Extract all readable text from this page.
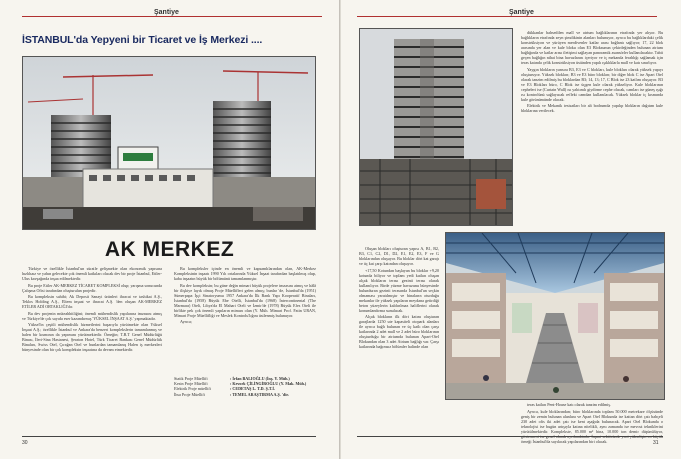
Şantiye
İSTANBUL'da Yepyeni bir Ticaret ve İş Merkezi ....
AK MERKEZ

Türkiye ve özellikle İstanbul'un süratle gelişmekte olan ekonomik yapısına hızlıhaız ve yahın gelecekte çok önemli katkıları olacak dev bir proje İstanbul, Etiler-Ulus kavşağında inşaa edilmektedir.

Bu proje Etiler AK-MERKEZ TİCARET KOMPLEKSİ olup; yarışma sonucunda Çalışma Ofisi tarafından oluşturulan projedir.

Bu kompleksin sahibi; Ak Deposit Sanayi ürünleri ihracat ve tashikat A.Ş., Teklos Holding A.Ş., Eltem inşaat ve ihracat A.Ş. 'den oluşan AK-MERKEZ ETİLER ADİ ORTAKLIĞI'dır.

Bu dev projenin müteahhitliğini; önemli mühendislik yapılarına imzasını atmış ve Türkiye'de çok sayıda eser kazandırmış 'YÜKSEL İNŞAAT A.Ş.' yapmaktadır.

Yüksel'in çeşitli mühendislik hizmetlerini başarıyla yürütmekte olan Yüksel İnşaat A.Ş.; özellikle İstanbul ve Ankara'da benzeri komplekslerin tamamlanmış ve halen bir kısmının da yapımını yürütmektedir. Örneğin; T.B.T Genel Müdürlüğü Binası, İleri-Sina Hastanesi, Şeraton Hotel, Türk Ticaret Bankası Genel Müdürlük Binaları, Swiss Otel, Çırağan Otel ve bunlardan tamamlanış Halen iş merkezleri bünyesinde olan bir çok kompleksin inşaatına da devam etmektedir.

Bu kompleksler içinde en önemli ve kapsamlılarından olan, AK-Merkez Kompleksinin inşaatı 1990 Yılı ortalarında Yüksel İnşaat tarafından başlatılmış olup, kaba inşaatın büyük bir bölümünü tamamlanmıştır.

Bu dev kompleksin; bu güne değin mimari büyük projelere imzasını atmış ve hâlâ bir ilişkiye layık olmuş Proje Müellifleri gelen almış; bunlar 'de, İstanbul'da (1951) Sümerpapa İşçi Sinatoryumu 1957 Ankara'da İlk Bank Yapı Kooperatif Binaları, İstanbul'da (1958) Büyük Ebe Otelli, İstanbul'da (1968) İntercontinental (The Marmara) Oteli, Libya'da El Mahari Oteli ve İzmir'de (1978) Büyük Efes Oteli ile birlikte pek çok önemli yapıların mimarı olan (Y. Müh. Mimari Prof. Fatin URAN, Mimari Proje Müellifliği ve Meslek Kontrolu'lığını üstlenmiş bulunuyor.

Ayrıca;

Statik Proje Müellifi	: İrfan BALIOĞLU (İnş. Y. Müh.)
Kesin Proje Müellifi	: Kevork ÇİLİNGİROĞLU (Y. Mak. Müh.)
Elektrik Proje müellifi	: CEDETAŞ L. T.D. Ş.T.İ.
İhsa Proje Müellifi	: TEMEL ARAŞTIRMA A.Ş. 'dir.
30
Şantiye

dükkanlar bahsedilen mall ve atrium bağlıklarının etrafında yer alıyor. Bu bağlıkların etrafında zeyn şimdikinin alanları bulunuyor, ayrıca bu bağlıklardaki çelik konstrüksiyon ve yürüyen merdivenler katlar arası bağlantı sağlıyor; 17, 22 blok arasında yer alan ve kule bloku olan E3 Bloksunun çekirdeğinden bulunan atrium bağlığında ve katlar arası iletişimi sağlayan panoramik asansörler kullanılacaktır. Tabii geçen bağlığın nihai bina havuzlarını içeriyor ve iç mekanda ferahlığı sağlamak için teras katında çelik konstrüksiyon üstünden yapılı ışıklıklarla mall ve katı sınırlıyor.

Yaygın blokların yansıra B3, E3 ve C blokları, kule blokları olarak yüksek yapıyı oluşturuyor. Yüksek blokları; B3 ve E3 büro blokları; bir diğer blok C ise Apart Otel olarak tanzim edilmiş bu bloklardan B3; 14, 13; 17, C Blok ise 23 katlım oluşuyor. B3 ve E3 Blokları büro, C Blok ise üçgen kule olarak yükseliyor. Kule bloklarının cepheleri ise (Curtain Wall) ısı yalıtımlı giydirme cephe olacak, camları ise güneş ışığı ısı kontrolünü sağlayacak reflekt camdan kullanılacak. Yüksek bloklar iç kısmında kule görünümünde olacak.

Elektrik ve Mekanik tesisatları bir alt bodrumda yapılıp blokların dağıtım kule bloklarına verilecek.

Oluşan blokları oluşturan yapısı A, B1, B2, B3, C1, C2, D1, D2, E1, E2, E3, F ve G bloklarından oluşuyor. Bu bloklar dört kat garajı ve üç kat çarşı katından oluşuyor.

+17,50 Kotundan başlayan bu bloklar +9,20 kotunda biliyor ve toplam yedi katları oluşan alçak blokların terası gezinti terası olarak kullanılıyor. Birde yüzme havuzunu bünyesinde bulunduran gezinti terasında İstanbul'un seçkin olmaması yaratılmıştır ve binaların oturduğu mekanlar ile yüksek yapıların meydana getirdiği beton yüzeylerin kaldırılmaz haliflerini olarak konumlandırma sunulacak.

Alçak blokların ilk dört katını oluşturan garajlarda 1250 ute kapasiteli otopark alanları ile ayrıca bağlı bulunan ve üç katlı olan çarşı katlarında 2 adet mall ve 2 adet büro bloklarının oluşturduğu bir atriumda bulunan Apart-Otel Blokundan olan 3 adet Atrium bağlığı var. Çarşı katlarında bağımsız bölümler halinde olan

teras katları Pent-House katı olarak tanzim edilmiş.

Ayrıca, kule bloklarından; büro bloklarında toplam 50.000 metrekare ölçüsünde geniş bir zemin bulunan alanlara ve Apart Otel Blokunda ise kattan dört çatı bahçeli 230 adet ofis iki adet çatı ise kent aşağıda bulunacak. Apart Otel Blokunda o teknolojisi ise bugün artışıyla katına nitelikli, aynı zamanda ise mevcut tekniklerini yürütülmektedir. Komplekste, 85.000 m² bina, 10.000 ton demir düşünülüyor, örneği İstanbul'da sayılacak yapılarından biri olacak.	31
